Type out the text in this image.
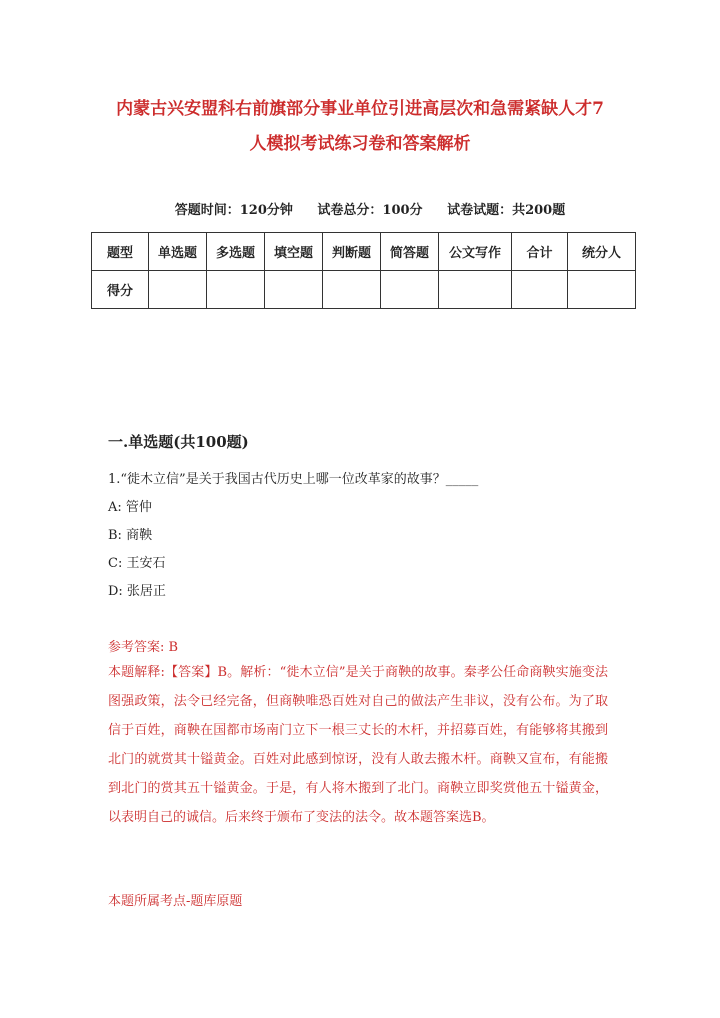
内蒙古兴安盟科右前旗部分事业单位引进高层次和急需紧缺人才7
人模拟考试练习卷和答案解析
答题时间：120分钟 试卷总分：100分 试卷试题：共200题
题型	单选题	多选题	填空题	判断题	简答题	公文写作	合计	统分人
得分								
一.单选题(共100题)
1.“徙木立信”是关于我国古代历史上哪一位改革家的故事？_____
A: 管仲
B: 商鞅
C: 王安石
D: 张居正
参考答案: B
本题解释:【答案】B。解析：“徙木立信”是关于商鞅的故事。秦孝公任命商鞅实施变法图强政策，法令已经完备，但商鞅唯恐百姓对自己的做法产生非议，没有公布。为了取信于百姓，商鞅在国都市场南门立下一根三丈长的木杆，并招募百姓，有能够将其搬到北门的就赏其十镒黄金。百姓对此感到惊讶，没有人敢去搬木杆。商鞅又宣布，有能搬到北门的赏其五十镒黄金。于是，有人将木搬到了北门。商鞅立即奖赏他五十镒黄金，以表明自己的诚信。后来终于颁布了变法的法令。故本题答案选B。
本题所属考点-题库原题
